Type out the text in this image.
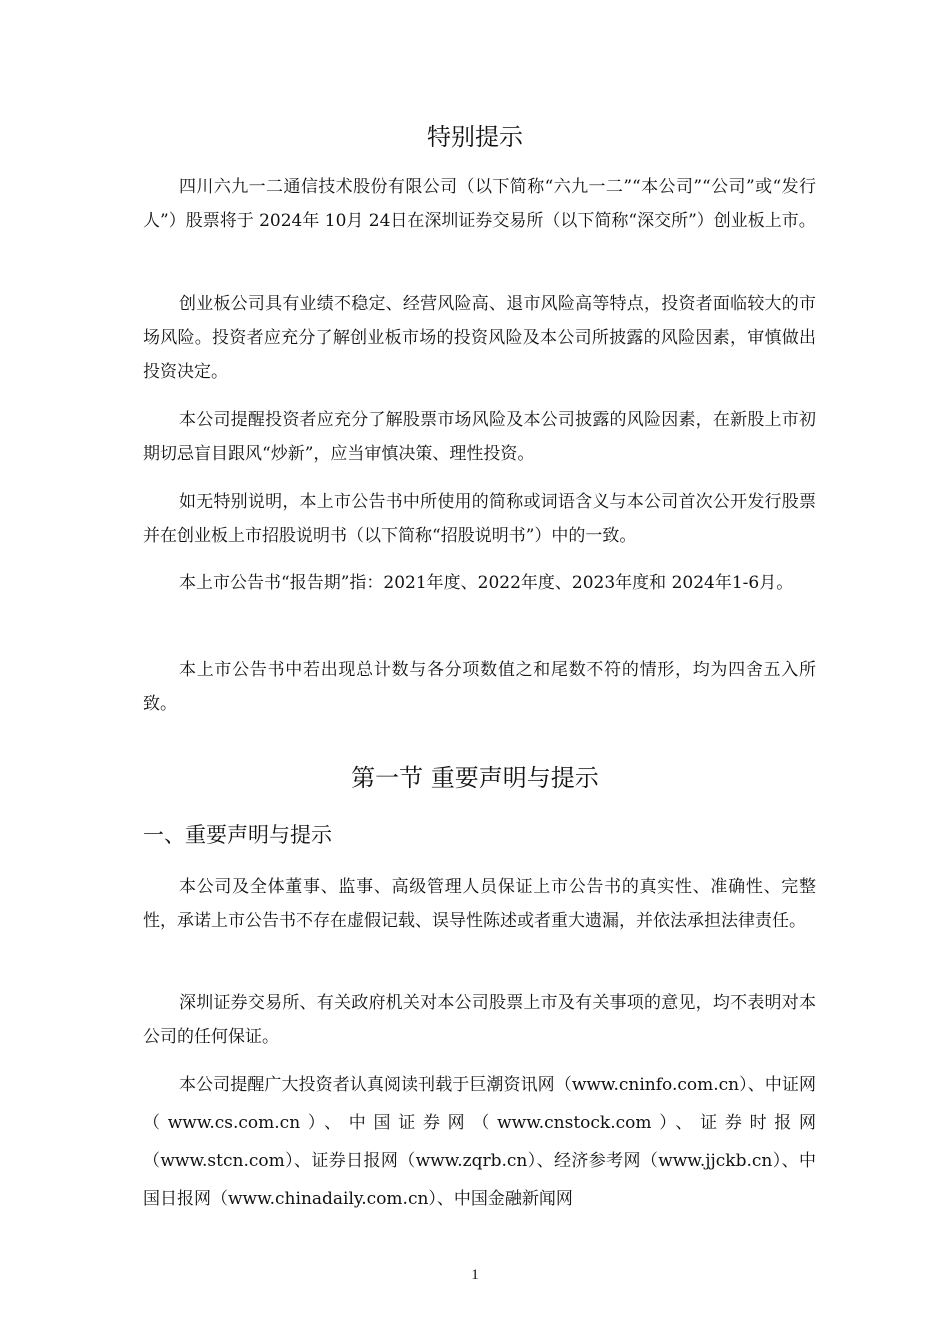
特别提示

四川六九一二通信技术股份有限公司（以下简称“六九一二”“本公司”“公司”或“发行人”）股票将于 2024年 10月 24日在深圳证券交易所（以下简称“深交所”）创业板上市。

创业板公司具有业绩不稳定、经营风险高、退市风险高等特点，投资者面临较大的市场风险。投资者应充分了解创业板市场的投资风险及本公司所披露的风险因素，审慎做出投资决定。

本公司提醒投资者应充分了解股票市场风险及本公司披露的风险因素，在新股上市初期切忌盲目跟风“炒新”，应当审慎决策、理性投资。

如无特别说明，本上市公告书中所使用的简称或词语含义与本公司首次公开发行股票并在创业板上市招股说明书（以下简称“招股说明书”）中的一致。

本上市公告书“报告期”指：2021年度、2022年度、2023年度和 2024年1-6月。

本上市公告书中若出现总计数与各分项数值之和尾数不符的情形，均为四舍五入所致。

第一节 重要声明与提示
一、重要声明与提示

本公司及全体董事、监事、高级管理人员保证上市公告书的真实性、准确性、完整性，承诺上市公告书不存在虚假记载、误导性陈述或者重大遗漏，并依法承担法律责任。

深圳证券交易所、有关政府机关对本公司股票上市及有关事项的意见，均不表明对本公司的任何保证。

本公司提醒广大投资者认真阅读刊载于巨潮资讯网（www.cninfo.com.cn）、中证网（www.cs.com.cn）、中国证券网（www.cnstock.com）、证券时报网（www.stcn.com）、证券日报网（www.zqrb.cn）、经济参考网（www.jjckb.cn）、中国日报网（www.chinadaily.com.cn）、中国金融新闻网

1
